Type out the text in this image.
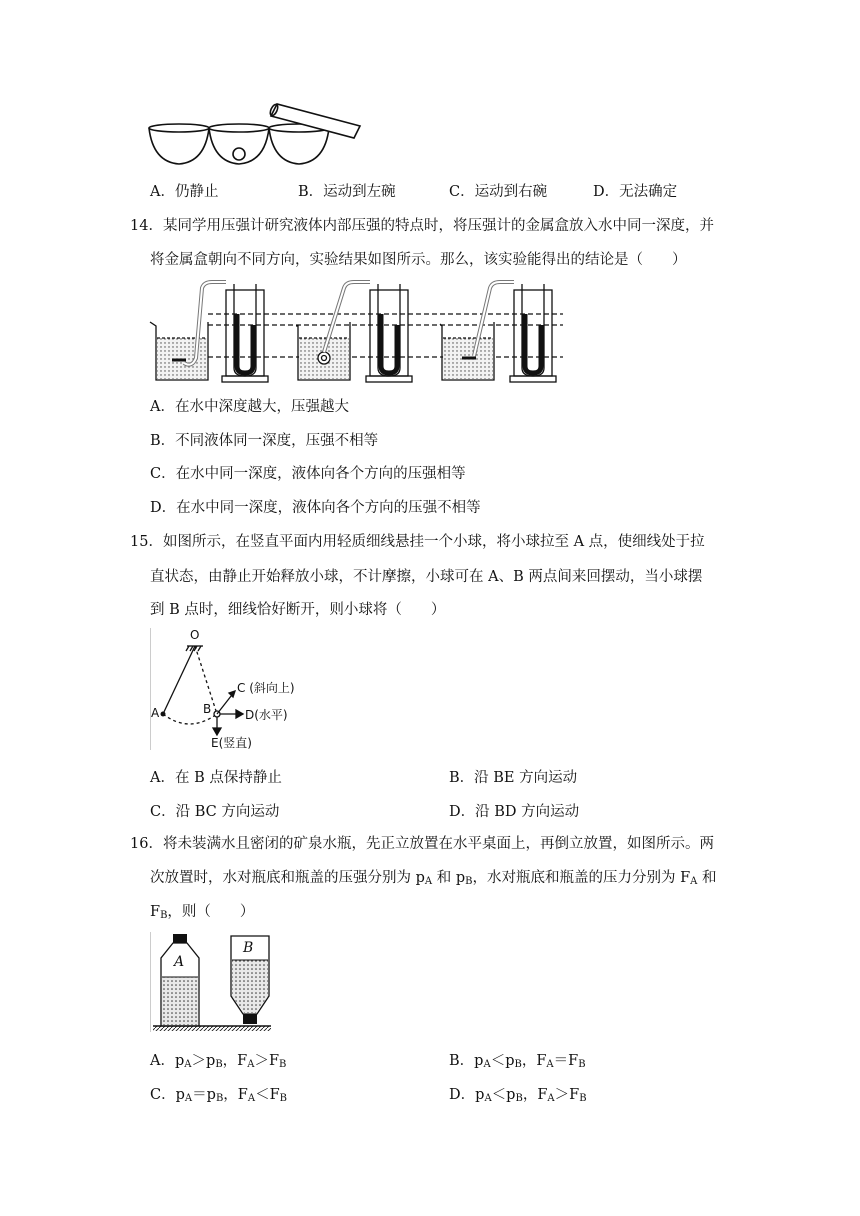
A．仍静止	B．运动到左碗	C．运动到右碗	D．无法确定
14． 某同学用压强计研究液体内部压强的特点时，将压强计的金属盒放入水中同一深度，并
将金属盒朝向不同方向，实验结果如图所示。那么，该实验能得出的结论是（　　）
A．在水中深度越大，压强越大
B．不同液体同一深度，压强不相等
C．在水中同一深度，液体向各个方向的压强相等
D．在水中同一深度，液体向各个方向的压强不相等
15． 如图所示，在竖直平面内用轻质细线悬挂一个小球，将小球拉至 A 点，使细线处于拉
直状态，由静止开始释放小球，不计摩擦，小球可在 A、B 两点间来回摆动，当小球摆
到 B 点时，细线恰好断开，则小球将（　　）
O
A	B
C (斜向上)
D(水平)
E(竖直)
A．在 B 点保持静止	B．沿 BE 方向运动
C．沿 BC 方向运动	D．沿 BD 方向运动
16． 将未装满水且密闭的矿泉水瓶，先正立放置在水平桌面上，再倒立放置，如图所示。两
次放置时，水对瓶底和瓶盖的压强分别为 $p_A$ 和 $p_B$，水对瓶底和瓶盖的压力分别为 $F_A$ 和
$F_B$，则（　　）
A
B
A．$p_A>p_B$，$F_A>F_B$	B．$p_A<p_B$，$F_A=F_B$
C．$p_A=p_B$，$F_A<F_B$	D．$p_A<p_B$，$F_A>F_B$
